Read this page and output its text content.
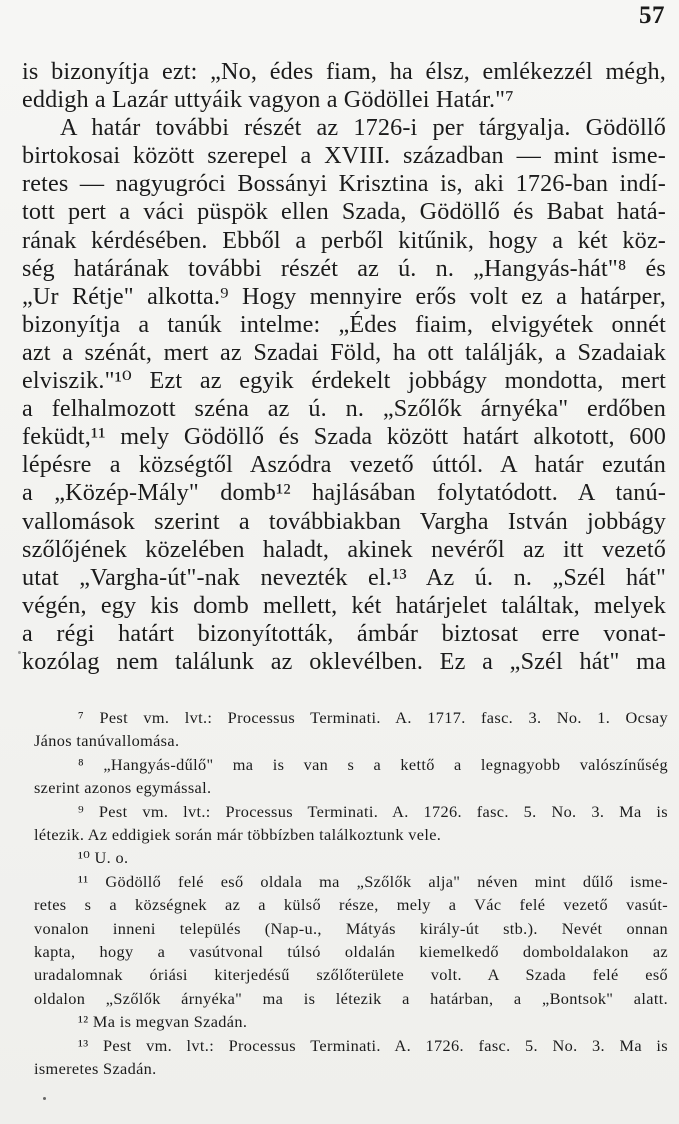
57
is bizonyítja ezt: „No, édes fiam, ha élsz, emlékezzél mégh,
eddigh a Lazár uttyáik vagyon a Gödöllei Határ."⁷
A határ további részét az 1726-i per tárgyalja. Gödöllő
birtokosai között szerepel a XVIII. században — mint isme-
retes — nagyugróci Bossányi Krisztina is, aki 1726-ban indí-
tott pert a váci püspök ellen Szada, Gödöllő és Babat hatá-
rának kérdésében. Ebből a perből kitűnik, hogy a két köz-
ség határának további részét az ú. n. „Hangyás-hát"⁸ és
„Ur Rétje" alkotta.⁹ Hogy mennyire erős volt ez a határper,
bizonyítja a tanúk intelme: „Édes fiaim, elvigyétek onnét
azt a szénát, mert az Szadai Föld, ha ott találják, a Szadaiak
elviszik."¹⁰ Ezt az egyik érdekelt jobbágy mondotta, mert
a felhalmozott széna az ú. n. „Szőlők árnyéka" erdőben
feküdt,¹¹ mely Gödöllő és Szada között határt alkotott, 600
lépésre a községtől Aszódra vezető úttól. A határ ezután
a „Közép-Mály" domb¹² hajlásában folytatódott. A tanú-
vallomások szerint a továbbiakban Vargha István jobbágy
szőlőjének közelében haladt, akinek nevéről az itt vezető
utat „Vargha-út"-nak nevezték el.¹³ Az ú. n. „Szél hát"
végén, egy kis domb mellett, két határjelet találtak, melyek
a régi határt bizonyították, ámbár biztosat erre vonat-
kozólag nem találunk az oklevélben. Ez a „Szél hát" ma
⁷ Pest vm. lvt.: Processus Terminati. A. 1717. fasc. 3. No. 1. Ocsay
János tanúvallomása.
⁸ „Hangyás-dűlő" ma is van s a kettő a legnagyobb valószínűség
szerint azonos egymással.
⁹ Pest vm. lvt.: Processus Terminati. A. 1726. fasc. 5. No. 3. Ma is
létezik. Az eddigiek során már többízben találkoztunk vele.
¹⁰ U. o.
¹¹ Gödöllő felé eső oldala ma „Szőlők alja" néven mint dűlő isme-
retes s a községnek az a külső része, mely a Vác felé vezető vasút-
vonalon inneni település (Nap-u., Mátyás király-út stb.). Nevét onnan
kapta, hogy a vasútvonal túlsó oldalán kiemelkedő domboldalakon az
uradalomnak óriási kiterjedésű szőlőterülete volt. A Szada felé eső
oldalon „Szőlők árnyéka" ma is létezik a határban, a „Bontsok" alatt.
¹² Ma is megvan Szadán.
¹³ Pest vm. lvt.: Processus Terminati. A. 1726. fasc. 5. No. 3. Ma is
ismeretes Szadán.
